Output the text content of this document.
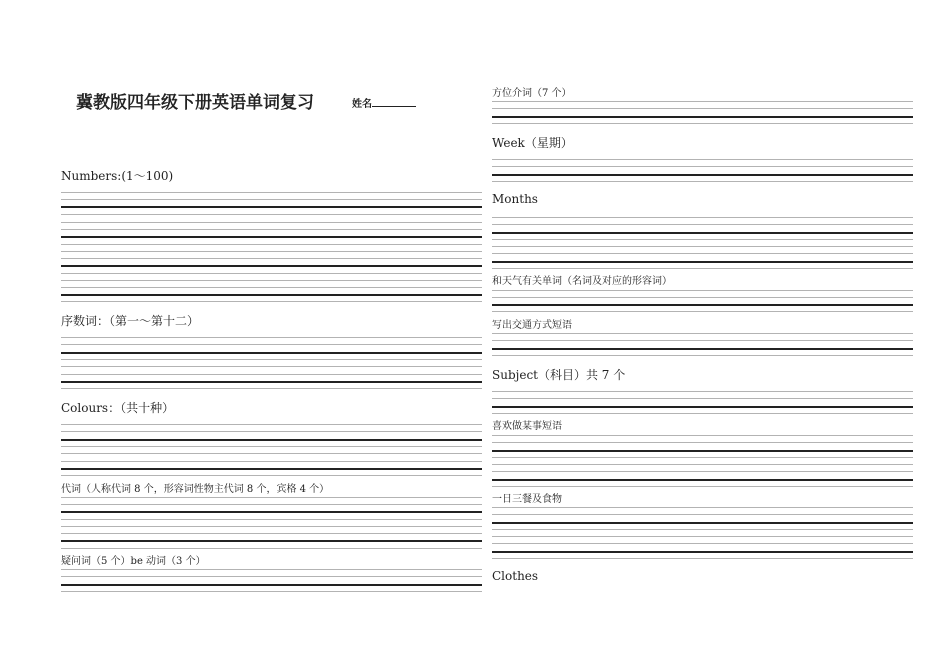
冀教版四年级下册英语单词复习	姓名
Numbers:(1～100)
序数词：（第一～第十二）
Colours：（共十种）
代词（人称代词 8 个，形容词性物主代词 8 个，宾格 4 个）
疑问词（5 个）be 动词（3 个）
方位介词（7 个）
Week（星期）
Months
和天气有关单词（名词及对应的形容词）
写出交通方式短语
Subject（科目）共 7 个
喜欢做某事短语
一日三餐及食物
Clothes
